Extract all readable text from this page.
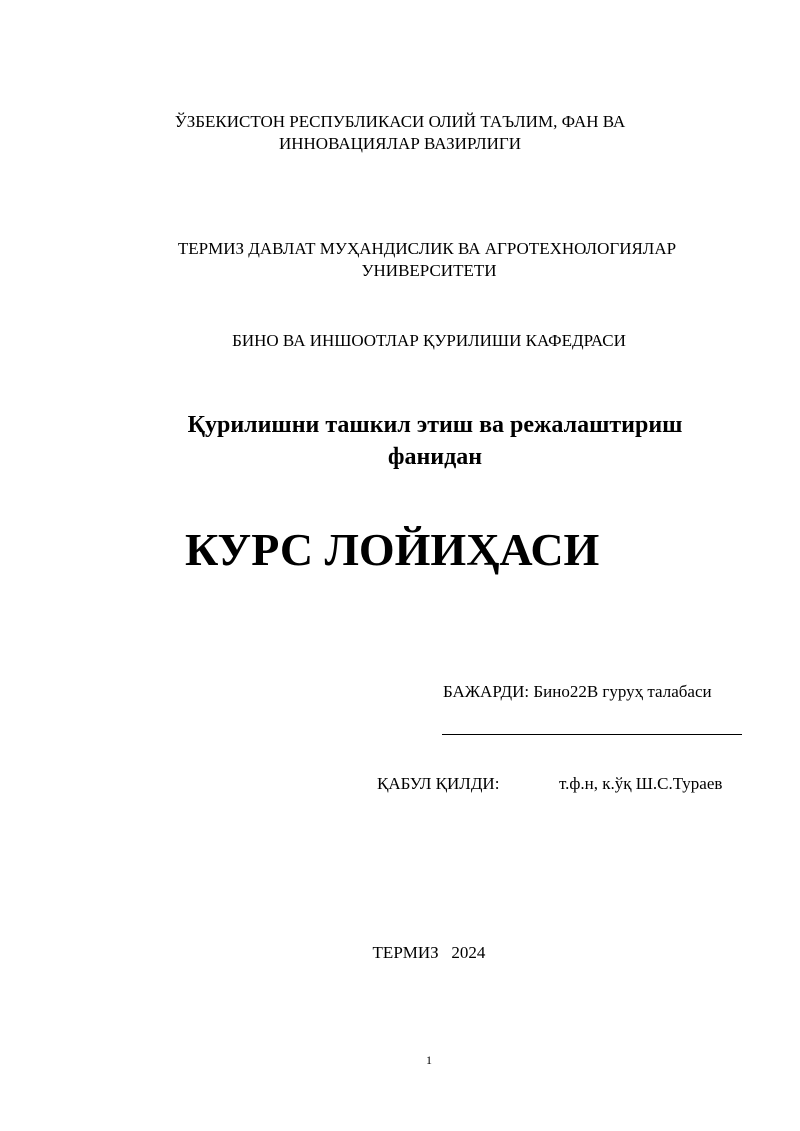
ЎЗБЕКИСТОН РЕСПУБЛИКАСИ ОЛИЙ ТАЪЛИМ, ФАН ВА
ИННОВАЦИЯЛАР ВАЗИРЛИГИ
ТЕРМИЗ ДАВЛАТ МУҲАНДИСЛИК ВА АГРОТЕХНОЛОГИЯЛАР
УНИВЕРСИТЕТИ
БИНО ВА ИНШООТЛАР ҚУРИЛИШИ КАФЕДРАСИ
Қурилишни ташкил этиш ва режалаштириш
фанидан
КУРС ЛОЙИҲАСИ
БАЖАРДИ: Бино22В гуруҳ талабаси
ҚАБУЛ ҚИЛДИ:	т.ф.н, к.ўқ Ш.С.Тураев
ТЕРМИЗ   2024
1
